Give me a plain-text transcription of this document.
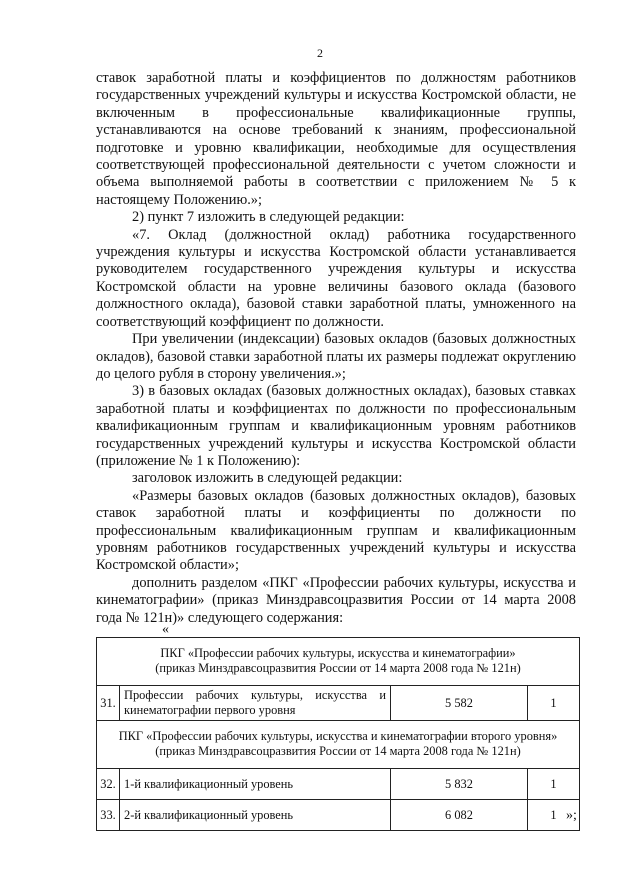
2

ставок заработной платы и коэффициентов по должностям работников государственных учреждений культуры и искусства Костромской области, не включенным в профессиональные квалификационные группы, устанавливаются на основе требований к знаниям, профессиональной подготовке и уровню квалификации, необходимые для осуществления соответствующей профессиональной деятельности с учетом сложности и объема выполняемой работы в соответствии с приложением № 5 к настоящему Положению.»;

2) пункт 7 изложить в следующей редакции:

«7. Оклад (должностной оклад) работника государственного учреждения культуры и искусства Костромской области устанавливается руководителем государственного учреждения культуры и искусства Костромской области на уровне величины базового оклада (базового должностного оклада), базовой ставки заработной платы, умноженного на соответствующий коэффициент по должности.

При увеличении (индексации) базовых окладов (базовых должностных окладов), базовой ставки заработной платы их размеры подлежат округлению до целого рубля в сторону увеличения.»;

3) в базовых окладах (базовых должностных окладах), базовых ставках заработной платы и коэффициентах по должности по профессиональным квалификационным группам и квалификационным уровням работников государственных учреждений культуры и искусства Костромской области (приложение № 1 к Положению):

заголовок изложить в следующей редакции:

«Размеры базовых окладов (базовых должностных окладов), базовых ставок заработной платы и коэффициенты по должности по профессиональным квалификационным группам и квалификационным уровням работников государственных учреждений культуры и искусства Костромской области»;

дополнить разделом «ПКГ «Профессии рабочих культуры, искусства и кинематографии» (приказ Минздравсоцразвития России от 14 марта 2008 года № 121н)» следующего содержания:

«
ПКГ «Профессии рабочих культуры, искусства и кинематографии»
(приказ Минздравсоцразвития России от 14 марта 2008 года № 121н)			

31.	Профессии рабочих культуры, искусства и кинематографии первого уровня	5 582	1

ПКГ «Профессии рабочих культуры, искусства и кинематографии второго уровня»
(приказ Минздравсоцразвития России от 14 марта 2008 года № 121н)			

32.	1-й квалификационный уровень	5 832	1
33.	2-й квалификационный уровень	6 082	1 »;
